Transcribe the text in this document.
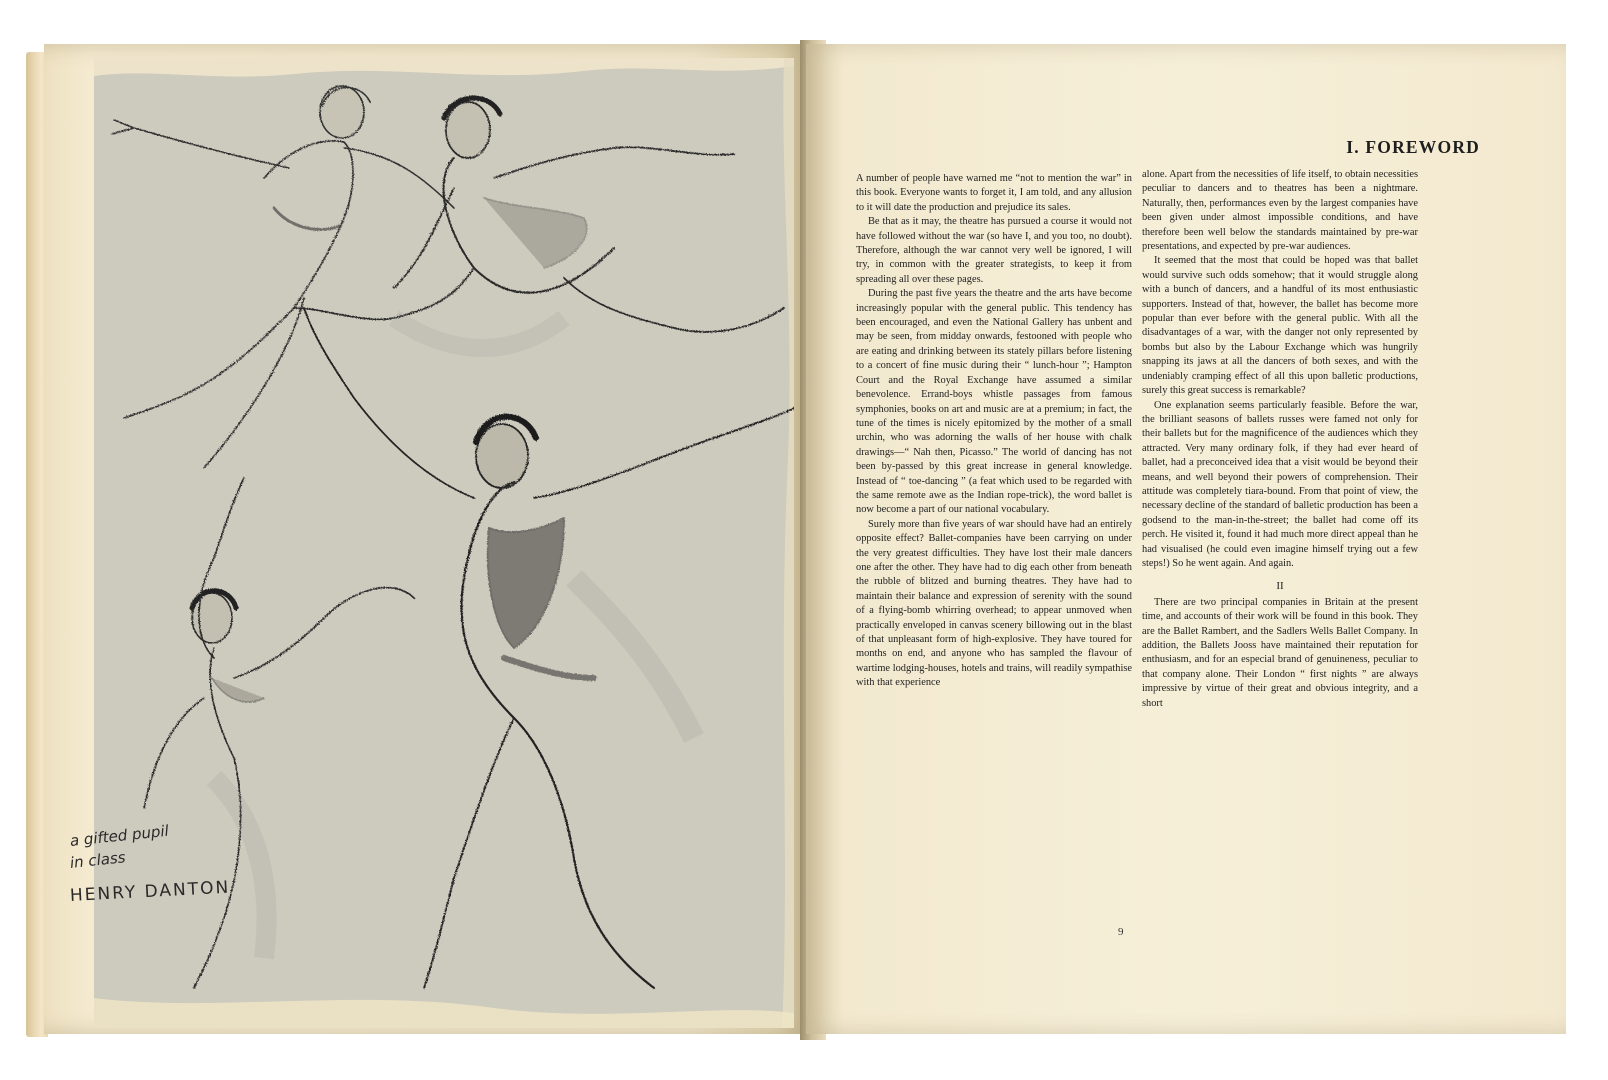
a gifted pupil
in class
HENRY DANTON
I. FOREWORD

A number of people have warned me “not to mention the war” in this book. Everyone wants to forget it, I am told, and any allusion to it will date the production and prejudice its sales.

Be that as it may, the theatre has pursued a course it would not have followed without the war (so have I, and you too, no doubt). Therefore, although the war cannot very well be ignored, I will try, in common with the greater strategists, to keep it from spreading all over these pages.

During the past five years the theatre and the arts have become increasingly popular with the general public. This tendency has been encouraged, and even the National Gallery has unbent and may be seen, from midday onwards, festooned with people who are eating and drinking between its stately pillars before listening to a concert of fine music during their “ lunch-hour ”; Hampton Court and the Royal Exchange have assumed a similar benevolence. Errand-boys whistle passages from famous symphonies, books on art and music are at a premium; in fact, the tune of the times is nicely epitomized by the mother of a small urchin, who was adorning the walls of her house with chalk drawings—“ Nah then, Picasso.” The world of dancing has not been by-passed by this great increase in general knowledge. Instead of “ toe-dancing ” (a feat which used to be regarded with the same remote awe as the Indian rope-trick), the word ballet is now become a part of our national vocabulary.

Surely more than five years of war should have had an entirely opposite effect? Ballet-companies have been carrying on under the very greatest difficulties. They have lost their male dancers one after the other. They have had to dig each other from beneath the rubble of blitzed and burning theatres. They have had to maintain their balance and expression of serenity with the sound of a flying-bomb whirring overhead; to appear unmoved when practically enveloped in canvas scenery billowing out in the blast of that unpleasant form of high-explosive. They have toured for months on end, and anyone who has sampled the flavour of wartime lodging-houses, hotels and trains, will readily sympathise with that experience

alone. Apart from the necessities of life itself, to obtain necessities peculiar to dancers and to theatres has been a nightmare. Naturally, then, performances even by the largest companies have been given under almost impossible conditions, and have therefore been well below the standards maintained by pre-war presentations, and expected by pre-war audiences.

It seemed that the most that could be hoped was that ballet would survive such odds somehow; that it would struggle along with a bunch of dancers, and a handful of its most enthusiastic supporters. Instead of that, however, the ballet has become more popular than ever before with the general public. With all the disadvantages of a war, with the danger not only represented by bombs but also by the Labour Exchange which was hungrily snapping its jaws at all the dancers of both sexes, and with the undeniably cramping effect of all this upon balletic productions, surely this great success is remarkable?

One explanation seems particularly feasible. Before the war, the brilliant seasons of ballets russes were famed not only for their ballets but for the magnificence of the audiences which they attracted. Very many ordinary folk, if they had ever heard of ballet, had a preconceived idea that a visit would be beyond their means, and well beyond their powers of comprehension. Their attitude was completely tiara-bound. From that point of view, the necessary decline of the standard of balletic production has been a godsend to the man-in-the-street; the ballet had come off its perch. He visited it, found it had much more direct appeal than he had visualised (he could even imagine himself trying out a few steps!) So he went again. And again.

II

There are two principal companies in Britain at the present time, and accounts of their work will be found in this book. They are the Ballet Rambert, and the Sadlers Wells Ballet Company. In addition, the Ballets Jooss have maintained their reputation for enthusiasm, and for an especial brand of genuineness, peculiar to that company alone. Their London “ first nights ” are always impressive by virtue of their great and obvious integrity, and a short

9
